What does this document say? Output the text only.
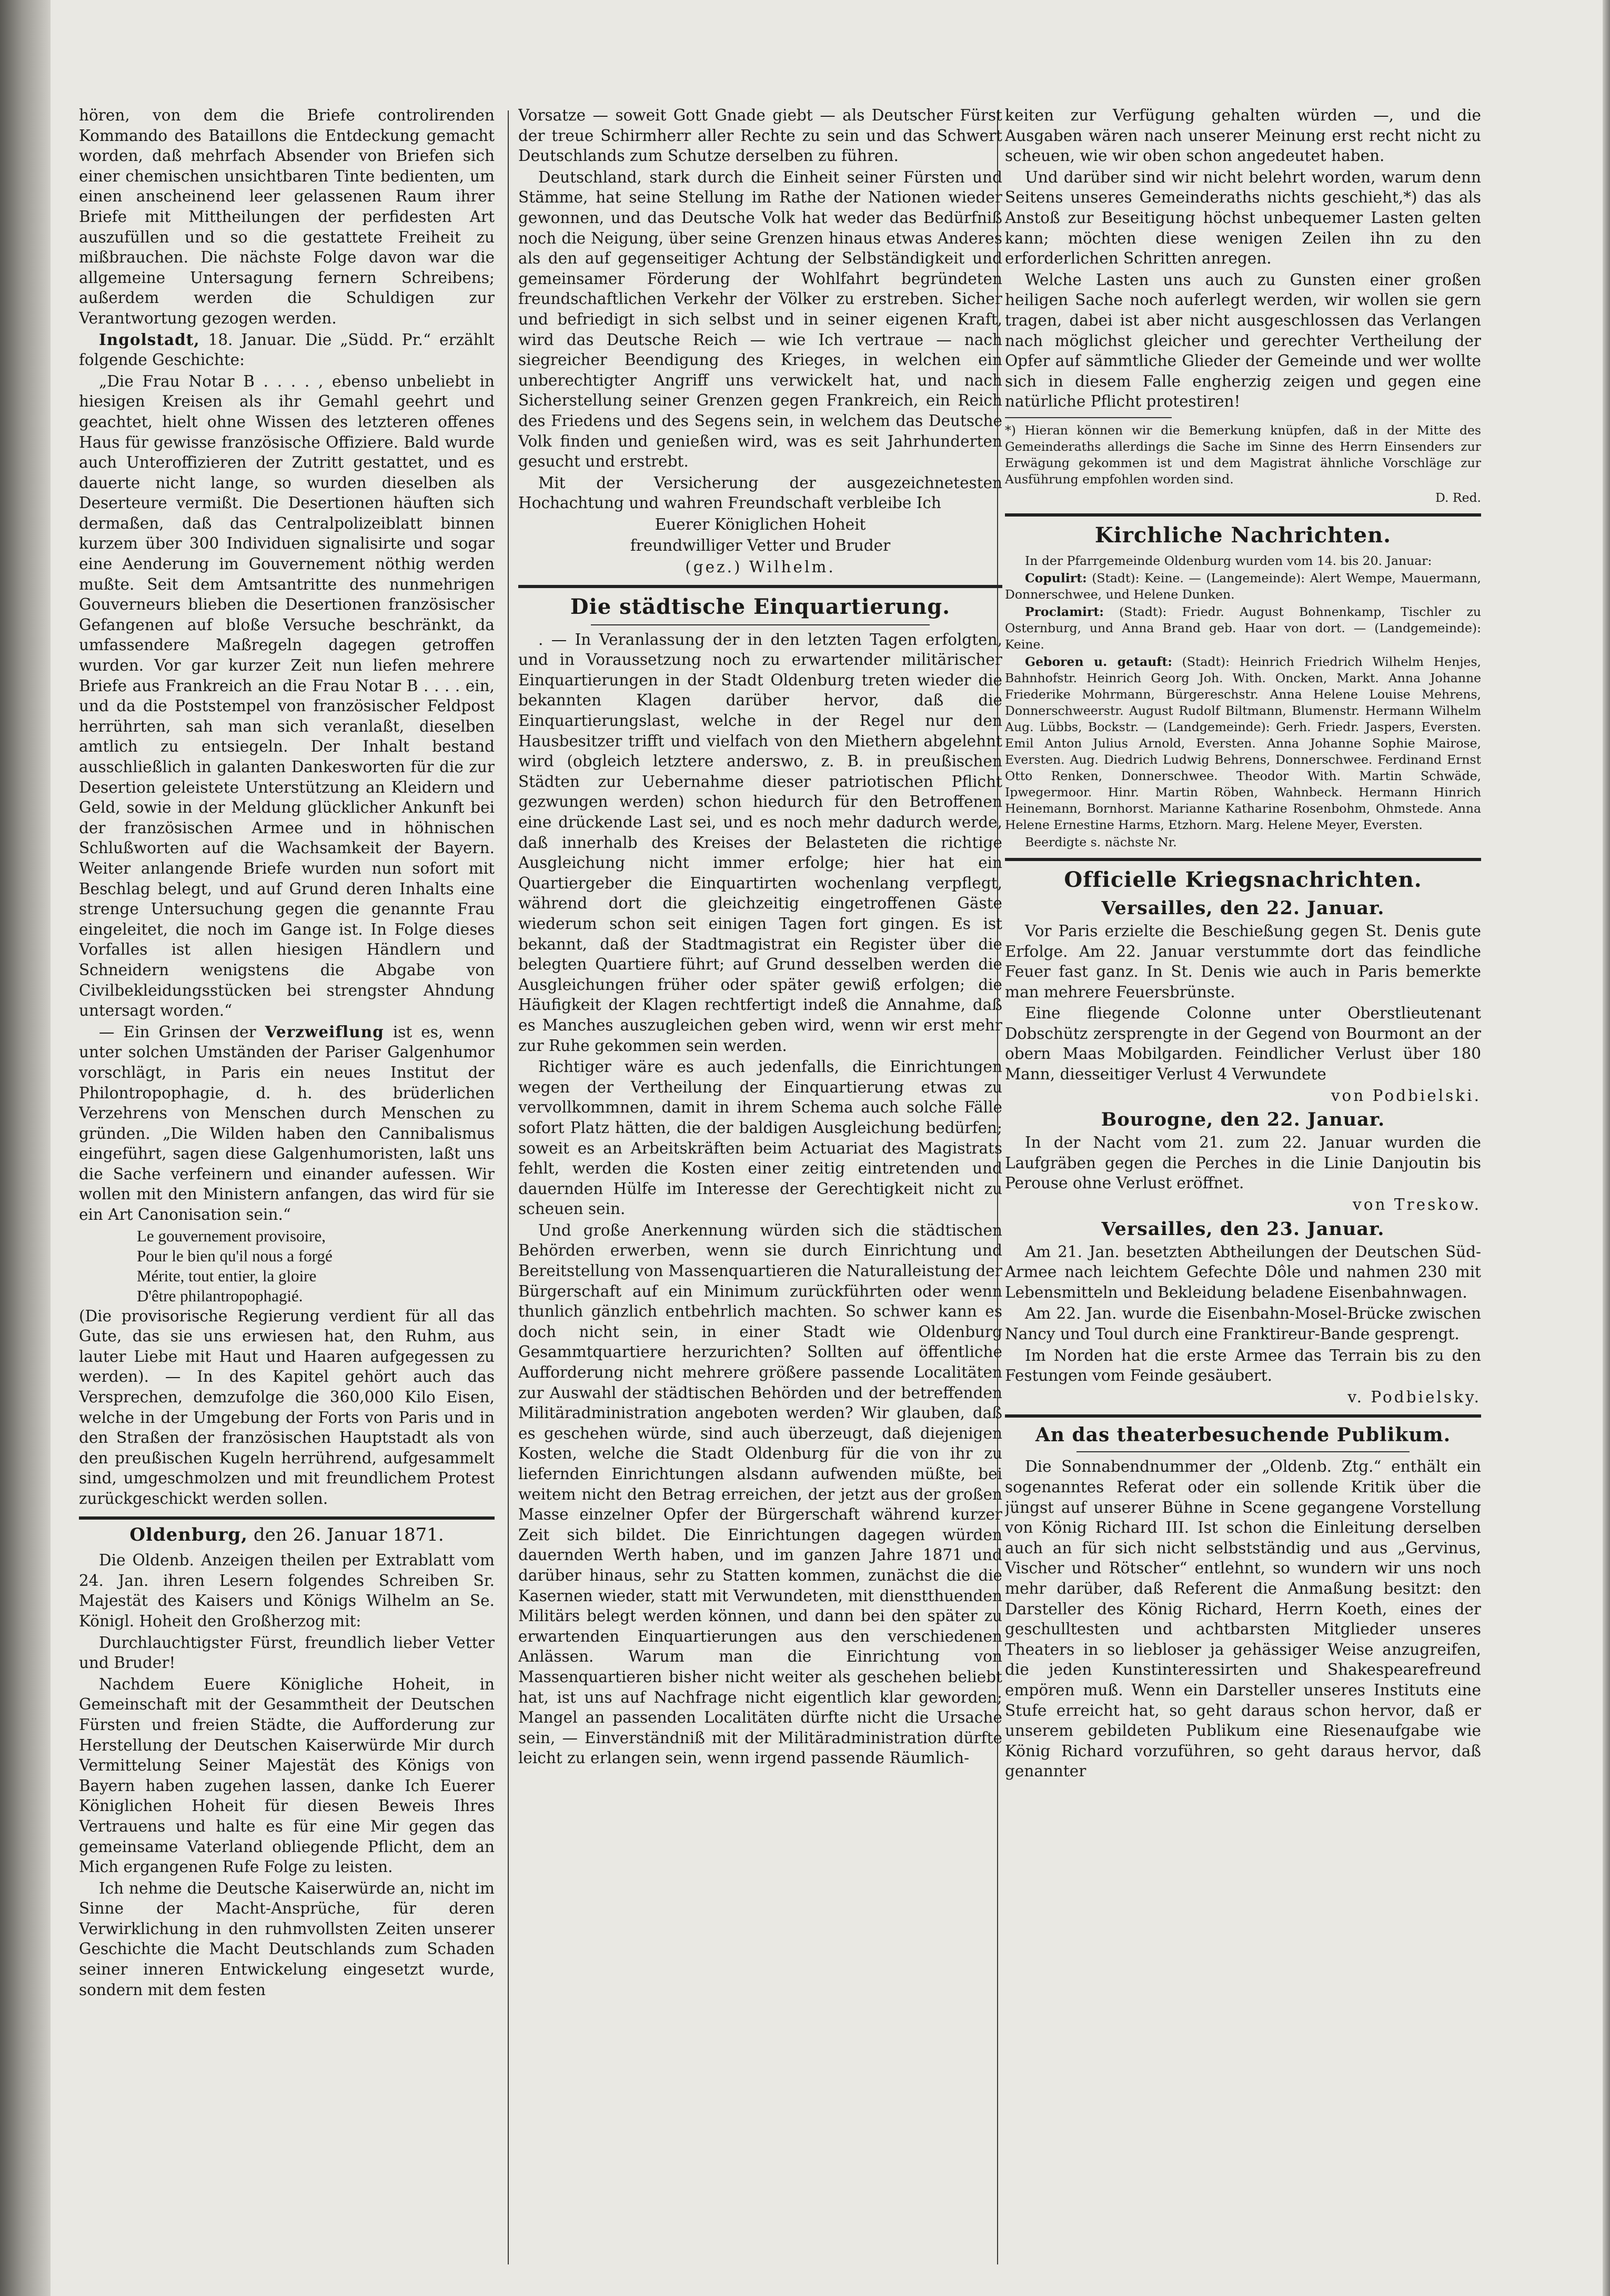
hören, von dem die Briefe controlirenden Kommando des Bataillons die Entdeckung gemacht worden, daß mehrfach Absender von Briefen sich einer chemischen unsichtbaren Tinte bedienten, um einen anscheinend leer gelassenen Raum ihrer Briefe mit Mittheilungen der perfidesten Art auszufüllen und so die gestattete Freiheit zu mißbrauchen. Die nächste Folge davon war die allgemeine Untersagung fernern Schreibens; außerdem werden die Schuldigen zur Verantwortung gezogen werden.

Ingolstadt, 18. Januar. Die „Südd. Pr.“ erzählt folgende Geschichte:

„Die Frau Notar B . . . . , ebenso unbeliebt in hiesigen Kreisen als ihr Gemahl geehrt und geachtet, hielt ohne Wissen des letzteren offenes Haus für gewisse französische Offiziere. Bald wurde auch Unteroffizieren der Zutritt gestattet, und es dauerte nicht lange, so wurden dieselben als Deserteure vermißt. Die Desertionen häuften sich dermaßen, daß das Centralpolizeiblatt binnen kurzem über 300 Individuen signalisirte und sogar eine Aenderung im Gouvernement nöthig werden mußte. Seit dem Amtsantritte des nunmehrigen Gouverneurs blieben die Desertionen französischer Gefangenen auf bloße Versuche beschränkt, da umfassendere Maßregeln dagegen getroffen wurden. Vor gar kurzer Zeit nun liefen mehrere Briefe aus Frankreich an die Frau Notar B . . . . ein, und da die Poststempel von französischer Feldpost herrührten, sah man sich veranlaßt, dieselben amtlich zu entsiegeln. Der Inhalt bestand ausschließlich in galanten Dankesworten für die zur Desertion geleistete Unterstützung an Kleidern und Geld, sowie in der Meldung glücklicher Ankunft bei der französischen Armee und in höhnischen Schlußworten auf die Wachsamkeit der Bayern. Weiter anlangende Briefe wurden nun sofort mit Beschlag belegt, und auf Grund deren Inhalts eine strenge Untersuchung gegen die genannte Frau eingeleitet, die noch im Gange ist. In Folge dieses Vorfalles ist allen hiesigen Händlern und Schneidern wenigstens die Abgabe von Civilbekleidungsstücken bei strengster Ahndung untersagt worden.“

— Ein Grinsen der Verzweiflung ist es, wenn unter solchen Umständen der Pariser Galgenhumor vorschlägt, in Paris ein neues Institut der Philontropophagie, d. h. des brüderlichen Verzehrens von Menschen durch Menschen zu gründen. „Die Wilden haben den Cannibalismus eingeführt, sagen diese Galgenhumoristen, laßt uns die Sache verfeinern und einander aufessen. Wir wollen mit den Ministern anfangen, das wird für sie ein Art Canonisation sein.“

Le gouvernement provisoire,
Pour le bien qu'il nous a forgé
Mérite, tout entier, la gloire
D'être philantropophagié.

(Die provisorische Regierung verdient für all das Gute, das sie uns erwiesen hat, den Ruhm, aus lauter Liebe mit Haut und Haaren aufgegessen zu werden). — In des Kapitel gehört auch das Versprechen, demzufolge die 360,000 Kilo Eisen, welche in der Umgebung der Forts von Paris und in den Straßen der französischen Hauptstadt als von den preußischen Kugeln herrührend, aufgesammelt sind, umgeschmolzen und mit freundlichem Protest zurückgeschickt werden sollen.

Oldenburg, den 26. Januar 1871.

Die Oldenb. Anzeigen theilen per Extrablatt vom 24. Jan. ihren Lesern folgendes Schreiben Sr. Majestät des Kaisers und Königs Wilhelm an Se. Königl. Hoheit den Großherzog mit:

Durchlauchtigster Fürst, freundlich lieber Vetter und Bruder!

Nachdem Euere Königliche Hoheit, in Gemeinschaft mit der Gesammtheit der Deutschen Fürsten und freien Städte, die Aufforderung zur Herstellung der Deutschen Kaiserwürde Mir durch Vermittelung Seiner Majestät des Königs von Bayern haben zugehen lassen, danke Ich Euerer Königlichen Hoheit für diesen Beweis Ihres Vertrauens und halte es für eine Mir gegen das gemeinsame Vaterland obliegende Pflicht, dem an Mich ergangenen Rufe Folge zu leisten.

Ich nehme die Deutsche Kaiserwürde an, nicht im Sinne der Macht-Ansprüche, für deren Verwirklichung in den ruhmvollsten Zeiten unserer Geschichte die Macht Deutschlands zum Schaden seiner inneren Entwickelung eingesetzt wurde, sondern mit dem festen

Vorsatze — soweit Gott Gnade giebt — als Deutscher Fürst der treue Schirmherr aller Rechte zu sein und das Schwert Deutschlands zum Schutze derselben zu führen.

Deutschland, stark durch die Einheit seiner Fürsten und Stämme, hat seine Stellung im Rathe der Nationen wieder gewonnen, und das Deutsche Volk hat weder das Bedürfniß noch die Neigung, über seine Grenzen hinaus etwas Anderes als den auf gegenseitiger Achtung der Selbständigkeit und gemeinsamer Förderung der Wohlfahrt begründeten freundschaftlichen Verkehr der Völker zu erstreben. Sicher und befriedigt in sich selbst und in seiner eigenen Kraft, wird das Deutsche Reich — wie Ich vertraue — nach siegreicher Beendigung des Krieges, in welchen ein unberechtigter Angriff uns verwickelt hat, und nach Sicherstellung seiner Grenzen gegen Frankreich, ein Reich des Friedens und des Segens sein, in welchem das Deutsche Volk finden und genießen wird, was es seit Jahrhunderten gesucht und erstrebt.

Mit der Versicherung der ausgezeichnetesten Hochachtung und wahren Freundschaft verbleibe Ich

Euerer Königlichen Hoheit

freundwilliger Vetter und Bruder

(gez.) Wilhelm.

Die städtische Einquartierung.

. — In Veranlassung der in den letzten Tagen erfolgten, und in Voraussetzung noch zu erwartender militärischer Einquartierungen in der Stadt Oldenburg treten wieder die bekannten Klagen darüber hervor, daß die Einquartierungslast, welche in der Regel nur den Hausbesitzer trifft und vielfach von den Miethern abgelehnt wird (obgleich letztere anderswo, z. B. in preußischen Städten zur Uebernahme dieser patriotischen Pflicht gezwungen werden) schon hiedurch für den Betroffenen eine drückende Last sei, und es noch mehr dadurch werde, daß innerhalb des Kreises der Belasteten die richtige Ausgleichung nicht immer erfolge; hier hat ein Quartiergeber die Einquartirten wochenlang verpflegt, während dort die gleichzeitig eingetroffenen Gäste wiederum schon seit einigen Tagen fort gingen. Es ist bekannt, daß der Stadtmagistrat ein Register über die belegten Quartiere führt; auf Grund desselben werden die Ausgleichungen früher oder später gewiß erfolgen; die Häufigkeit der Klagen rechtfertigt indeß die Annahme, daß es Manches auszugleichen geben wird, wenn wir erst mehr zur Ruhe gekommen sein werden.

Richtiger wäre es auch jedenfalls, die Einrichtungen wegen der Vertheilung der Einquartierung etwas zu vervollkommnen, damit in ihrem Schema auch solche Fälle sofort Platz hätten, die der baldigen Ausgleichung bedürfen; soweit es an Arbeitskräften beim Actuariat des Magistrats fehlt, werden die Kosten einer zeitig eintretenden und dauernden Hülfe im Interesse der Gerechtigkeit nicht zu scheuen sein.

Und große Anerkennung würden sich die städtischen Behörden erwerben, wenn sie durch Einrichtung und Bereitstellung von Massenquartieren die Naturalleistung der Bürgerschaft auf ein Minimum zurückführten oder wenn thunlich gänzlich entbehrlich machten. So schwer kann es doch nicht sein, in einer Stadt wie Oldenburg Gesammtquartiere herzurichten? Sollten auf öffentliche Aufforderung nicht mehrere größere passende Localitäten zur Auswahl der städtischen Behörden und der betreffenden Militäradministration angeboten werden? Wir glauben, daß es geschehen würde, sind auch überzeugt, daß diejenigen Kosten, welche die Stadt Oldenburg für die von ihr zu liefernden Einrichtungen alsdann aufwenden müßte, bei weitem nicht den Betrag erreichen, der jetzt aus der großen Masse einzelner Opfer der Bürgerschaft während kurzer Zeit sich bildet. Die Einrichtungen dagegen würden dauernden Werth haben, und im ganzen Jahre 1871 und darüber hinaus, sehr zu Statten kommen, zunächst die die Kasernen wieder, statt mit Verwundeten, mit dienstthuenden Militärs belegt werden können, und dann bei den später zu erwartenden Einquartierungen aus den verschiedenen Anlässen. Warum man die Einrichtung von Massenquartieren bisher nicht weiter als geschehen beliebt hat, ist uns auf Nachfrage nicht eigentlich klar geworden; Mangel an passenden Localitäten dürfte nicht die Ursache sein, — Einverständniß mit der Militäradministration dürfte leicht zu erlangen sein, wenn irgend passende Räumlich-

keiten zur Verfügung gehalten würden —, und die Ausgaben wären nach unserer Meinung erst recht nicht zu scheuen, wie wir oben schon angedeutet haben.

Und darüber sind wir nicht belehrt worden, warum denn Seitens unseres Gemeinderaths nichts geschieht,*) das als Anstoß zur Beseitigung höchst unbequemer Lasten gelten kann; möchten diese wenigen Zeilen ihn zu den erforderlichen Schritten anregen.

Welche Lasten uns auch zu Gunsten einer großen heiligen Sache noch auferlegt werden, wir wollen sie gern tragen, dabei ist aber nicht ausgeschlossen das Verlangen nach möglichst gleicher und gerechter Vertheilung der Opfer auf sämmtliche Glieder der Gemeinde und wer wollte sich in diesem Falle engherzig zeigen und gegen eine natürliche Pflicht protestiren!

*) Hieran können wir die Bemerkung knüpfen, daß in der Mitte des Gemeinderaths allerdings die Sache im Sinne des Herrn Einsenders zur Erwägung gekommen ist und dem Magistrat ähnliche Vorschläge zur Ausführung empfohlen worden sind.

D. Red.

Kirchliche Nachrichten.

In der Pfarrgemeinde Oldenburg wurden vom 14. bis 20. Januar:

Copulirt: (Stadt): Keine. — (Langemeinde): Alert Wempe, Mauermann, Donnerschwee, und Helene Dunken.

Proclamirt: (Stadt): Friedr. August Bohnenkamp, Tischler zu Osternburg, und Anna Brand geb. Haar von dort. — (Landgemeinde): Keine.

Geboren u. getauft: (Stadt): Heinrich Friedrich Wilhelm Henjes, Bahnhofstr. Heinrich Georg Joh. With. Oncken, Markt. Anna Johanne Friederike Mohrmann, Bürgereschstr. Anna Helene Louise Mehrens, Donnerschweerstr. August Rudolf Biltmann, Blumenstr. Hermann Wilhelm Aug. Lübbs, Bockstr. — (Landgemeinde): Gerh. Friedr. Jaspers, Eversten. Emil Anton Julius Arnold, Eversten. Anna Johanne Sophie Mairose, Eversten. Aug. Diedrich Ludwig Behrens, Donnerschwee. Ferdinand Ernst Otto Renken, Donnerschwee. Theodor With. Martin Schwäde, Ipwegermoor. Hinr. Martin Röben, Wahnbeck. Hermann Hinrich Heinemann, Bornhorst. Marianne Katharine Rosenbohm, Ohmstede. Anna Helene Ernestine Harms, Etzhorn. Marg. Helene Meyer, Eversten.

Beerdigte s. nächste Nr.

Officielle Kriegsnachrichten.
Versailles, den 22. Januar.

Vor Paris erzielte die Beschießung gegen St. Denis gute Erfolge. Am 22. Januar verstummte dort das feindliche Feuer fast ganz. In St. Denis wie auch in Paris bemerkte man mehrere Feuersbrünste.

Eine fliegende Colonne unter Oberstlieutenant Dobschütz zersprengte in der Gegend von Bourmont an der obern Maas Mobilgarden. Feindlicher Verlust über 180 Mann, diesseitiger Verlust 4 Verwundete

von Podbielski.

Bourogne, den 22. Januar.

In der Nacht vom 21. zum 22. Januar wurden die Laufgräben gegen die Perches in die Linie Danjoutin bis Perouse ohne Verlust eröffnet.

von Treskow.

Versailles, den 23. Januar.

Am 21. Jan. besetzten Abtheilungen der Deutschen Süd-Armee nach leichtem Gefechte Dôle und nahmen 230 mit Lebensmitteln und Bekleidung beladene Eisenbahnwagen.

Am 22. Jan. wurde die Eisenbahn-Mosel-Brücke zwischen Nancy und Toul durch eine Franktireur-Bande gesprengt.

Im Norden hat die erste Armee das Terrain bis zu den Festungen vom Feinde gesäubert.

v. Podbielsky.

An das theaterbesuchende Publikum.

Die Sonnabendnummer der „Oldenb. Ztg.“ enthält ein sogenanntes Referat oder ein sollende Kritik über die jüngst auf unserer Bühne in Scene gegangene Vorstellung von König Richard III. Ist schon die Einleitung derselben auch an für sich nicht selbstständig und aus „Gervinus, Vischer und Rötscher“ entlehnt, so wundern wir uns noch mehr darüber, daß Referent die Anmaßung besitzt: den Darsteller des König Richard, Herrn Koeth, eines der geschulltesten und achtbarsten Mitglieder unseres Theaters in so liebloser ja gehässiger Weise anzugreifen, die jeden Kunstinteressirten und Shakespearefreund empören muß. Wenn ein Darsteller unseres Instituts eine Stufe erreicht hat, so geht daraus schon hervor, daß er unserem gebildeten Publikum eine Riesenaufgabe wie König Richard vorzuführen, so geht daraus hervor, daß genannter
